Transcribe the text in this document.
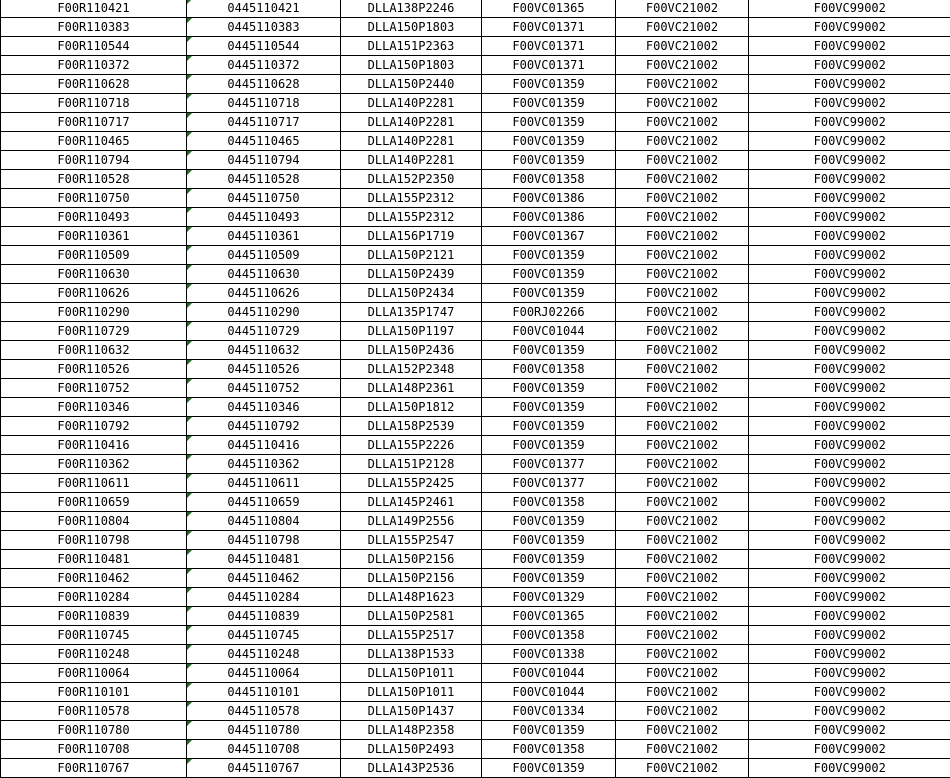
F00R110421	0445110421	DLLA138P2246	F00VC01365	F00VC21002	F00VC99002
F00R110383	0445110383	DLLA150P1803	F00VC01371	F00VC21002	F00VC99002
F00R110544	0445110544	DLLA151P2363	F00VC01371	F00VC21002	F00VC99002
F00R110372	0445110372	DLLA150P1803	F00VC01371	F00VC21002	F00VC99002
F00R110628	0445110628	DLLA150P2440	F00VC01359	F00VC21002	F00VC99002
F00R110718	0445110718	DLLA140P2281	F00VC01359	F00VC21002	F00VC99002
F00R110717	0445110717	DLLA140P2281	F00VC01359	F00VC21002	F00VC99002
F00R110465	0445110465	DLLA140P2281	F00VC01359	F00VC21002	F00VC99002
F00R110794	0445110794	DLLA140P2281	F00VC01359	F00VC21002	F00VC99002
F00R110528	0445110528	DLLA152P2350	F00VC01358	F00VC21002	F00VC99002
F00R110750	0445110750	DLLA155P2312	F00VC01386	F00VC21002	F00VC99002
F00R110493	0445110493	DLLA155P2312	F00VC01386	F00VC21002	F00VC99002
F00R110361	0445110361	DLLA156P1719	F00VC01367	F00VC21002	F00VC99002
F00R110509	0445110509	DLLA150P2121	F00VC01359	F00VC21002	F00VC99002
F00R110630	0445110630	DLLA150P2439	F00VC01359	F00VC21002	F00VC99002
F00R110626	0445110626	DLLA150P2434	F00VC01359	F00VC21002	F00VC99002
F00R110290	0445110290	DLLA135P1747	F00RJ02266	F00VC21002	F00VC99002
F00R110729	0445110729	DLLA150P1197	F00VC01044	F00VC21002	F00VC99002
F00R110632	0445110632	DLLA150P2436	F00VC01359	F00VC21002	F00VC99002
F00R110526	0445110526	DLLA152P2348	F00VC01358	F00VC21002	F00VC99002
F00R110752	0445110752	DLLA148P2361	F00VC01359	F00VC21002	F00VC99002
F00R110346	0445110346	DLLA150P1812	F00VC01359	F00VC21002	F00VC99002
F00R110792	0445110792	DLLA158P2539	F00VC01359	F00VC21002	F00VC99002
F00R110416	0445110416	DLLA155P2226	F00VC01359	F00VC21002	F00VC99002
F00R110362	0445110362	DLLA151P2128	F00VC01377	F00VC21002	F00VC99002
F00R110611	0445110611	DLLA155P2425	F00VC01377	F00VC21002	F00VC99002
F00R110659	0445110659	DLLA145P2461	F00VC01358	F00VC21002	F00VC99002
F00R110804	0445110804	DLLA149P2556	F00VC01359	F00VC21002	F00VC99002
F00R110798	0445110798	DLLA155P2547	F00VC01359	F00VC21002	F00VC99002
F00R110481	0445110481	DLLA150P2156	F00VC01359	F00VC21002	F00VC99002
F00R110462	0445110462	DLLA150P2156	F00VC01359	F00VC21002	F00VC99002
F00R110284	0445110284	DLLA148P1623	F00VC01329	F00VC21002	F00VC99002
F00R110839	0445110839	DLLA150P2581	F00VC01365	F00VC21002	F00VC99002
F00R110745	0445110745	DLLA155P2517	F00VC01358	F00VC21002	F00VC99002
F00R110248	0445110248	DLLA138P1533	F00VC01338	F00VC21002	F00VC99002
F00R110064	0445110064	DLLA150P1011	F00VC01044	F00VC21002	F00VC99002
F00R110101	0445110101	DLLA150P1011	F00VC01044	F00VC21002	F00VC99002
F00R110578	0445110578	DLLA150P1437	F00VC01334	F00VC21002	F00VC99002
F00R110780	0445110780	DLLA148P2358	F00VC01359	F00VC21002	F00VC99002
F00R110708	0445110708	DLLA150P2493	F00VC01358	F00VC21002	F00VC99002
F00R110767	0445110767	DLLA143P2536	F00VC01359	F00VC21002	F00VC99002
